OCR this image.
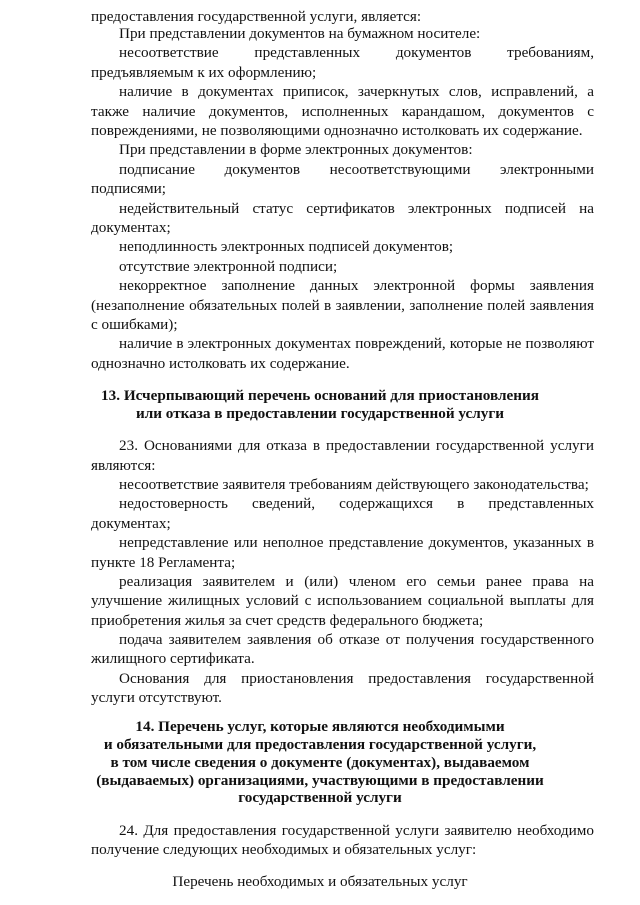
предоставления государственной услуги, является:
При представлении документов на бумажном носителе:
несоответствие представленных документов требованиям,
предъявляемым к их оформлению;
наличие в документах приписок, зачеркнутых слов, исправлений, а
также наличие документов, исполненных карандашом, документов с
повреждениями, не позволяющими однозначно истолковать их содержание.
При представлении в форме электронных документов:
подписание документов несоответствующими электронными
подписями;
недействительный статус сертификатов электронных подписей на
документах;
неподлинность электронных подписей документов;
отсутствие электронной подписи;
некорректное заполнение данных электронной формы заявления
(незаполнение обязательных полей в заявлении, заполнение полей заявления
с ошибками);
наличие в электронных документах повреждений, которые не позволяют
однозначно истолковать их содержание.
13. Исчерпывающий перечень оснований для приостановления
или отказа в предоставлении государственной услуги
23. Основаниями для отказа в предоставлении государственной услуги
являются:
несоответствие заявителя требованиям действующего законодательства;
недостоверность сведений, содержащихся в представленных
документах;
непредставление или неполное представление документов, указанных в
пункте 18 Регламента;
реализация заявителем и (или) членом его семьи ранее права на
улучшение жилищных условий с использованием социальной выплаты для
приобретения жилья за счет средств федерального бюджета;
подача заявителем заявления об отказе от получения государственного
жилищного сертификата.
Основания для приостановления предоставления государственной
услуги отсутствуют.
14. Перечень услуг, которые являются необходимыми
и обязательными для предоставления государственной услуги,
в том числе сведения о документе (документах), выдаваемом
(выдаваемых) организациями, участвующими в предоставлении
государственной услуги
24. Для предоставления государственной услуги заявителю необходимо
получение следующих необходимых и обязательных услуг:
Перечень необходимых и обязательных услуг
